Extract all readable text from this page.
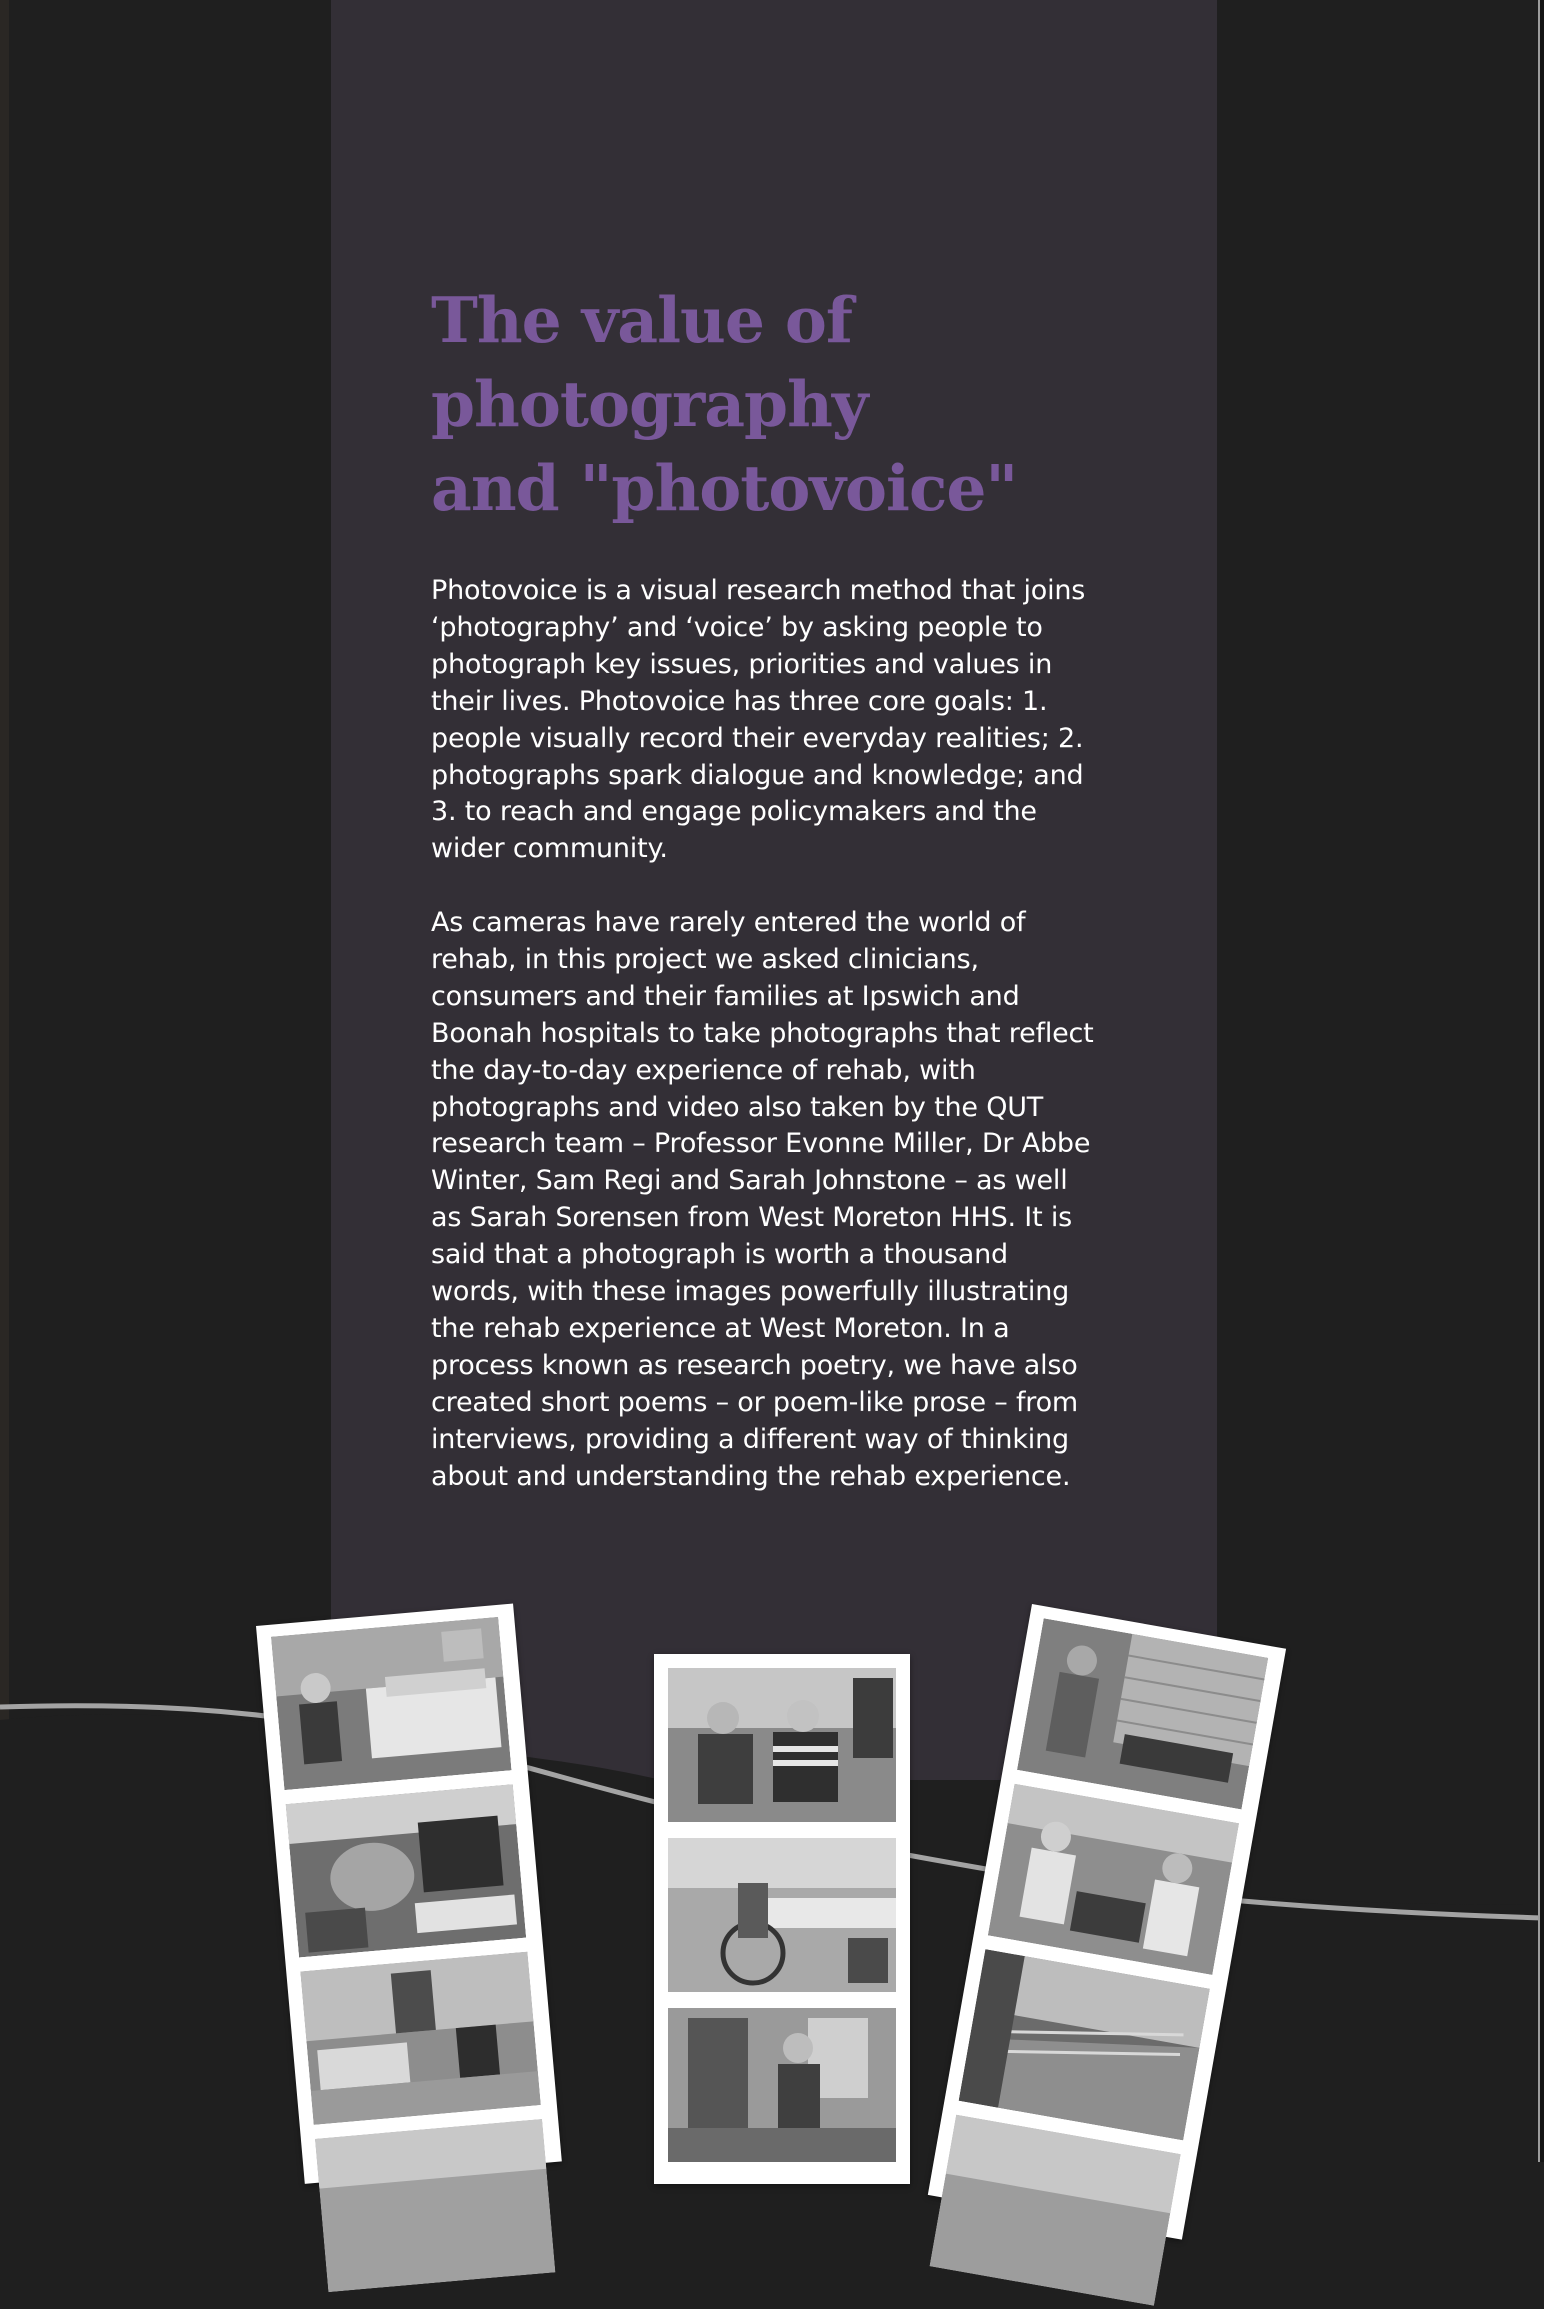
The value of
photography
and "photovoice"
Photovoice is a visual research method that joins
‘photography’ and ‘voice’ by asking people to
photograph key issues, priorities and values in
their lives. Photovoice has three core goals: 1.
people visually record their everyday realities; 2.
photographs spark dialogue and knowledge; and
3. to reach and engage policymakers and the
wider community.
As cameras have rarely entered the world of
rehab, in this project we asked clinicians,
consumers and their families at Ipswich and
Boonah hospitals to take photographs that reflect
the day-to-day experience of rehab, with
photographs and video also taken by the QUT
research team – Professor Evonne Miller, Dr Abbe
Winter, Sam Regi and Sarah Johnstone – as well
as Sarah Sorensen from West Moreton HHS. It is
said that a photograph is worth a thousand
words, with these images powerfully illustrating
the rehab experience at West Moreton. In a
process known as research poetry, we have also
created short poems – or poem-like prose – from
interviews, providing a different way of thinking
about and understanding the rehab experience.
